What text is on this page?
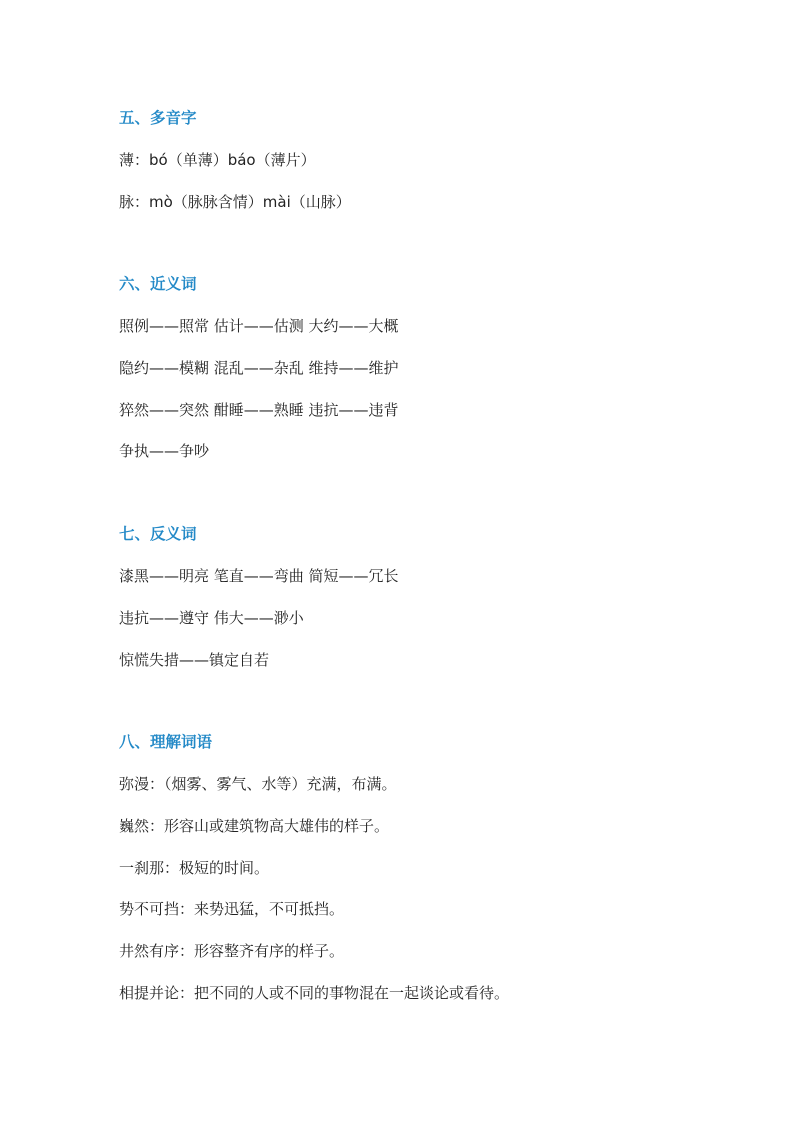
五、多音字
薄：bó（单薄）báo（薄片）
脉：mò（脉脉含情）mài（山脉）
六、近义词
照例——照常 估计——估测 大约——大概
隐约——模糊 混乱——杂乱 维持——维护
猝然——突然 酣睡——熟睡 违抗——违背
争执——争吵
七、反义词
漆黑——明亮 笔直——弯曲 简短——冗长
违抗——遵守 伟大——渺小
惊慌失措——镇定自若
八、理解词语
弥漫：（烟雾、雾气、水等）充满，布满。
巍然：形容山或建筑物高大雄伟的样子。
一刹那：极短的时间。
势不可挡：来势迅猛，不可抵挡。
井然有序：形容整齐有序的样子。
相提并论：把不同的人或不同的事物混在一起谈论或看待。
